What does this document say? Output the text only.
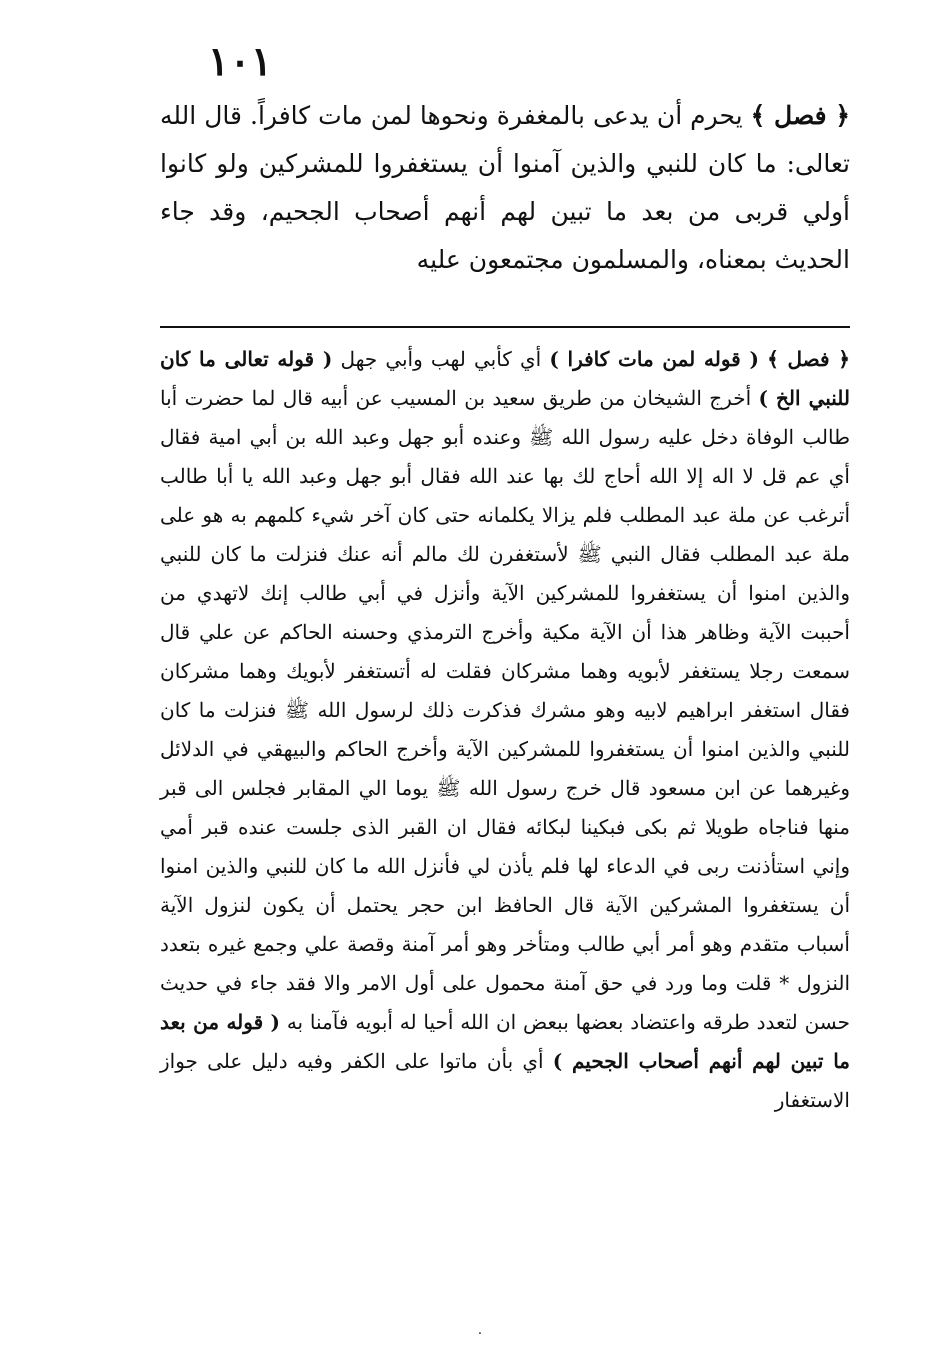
١٠١

﴿ فصل ﴾ يحرم أن يدعى بالمغفرة ونحوها لمن مات كافراً. قال الله تعالى: ما كان للنبي والذين آمنوا أن يستغفروا للمشركين ولو كانوا أولي قربى من بعد ما تبين لهم أنهم أصحاب الجحيم، وقد جاء الحديث بمعناه، والمسلمون مجتمعون عليه

﴿ فصل ﴾ ( قوله لمن مات كافرا ) أي كأبي لهب وأبي جهل ( قوله تعالى ما كان للنبي الخ ) أخرج الشيخان من طريق سعيد بن المسيب عن أبيه قال لما حضرت أبا طالب الوفاة دخل عليه رسول الله ﷺ وعنده أبو جهل وعبد الله بن أبي امية فقال أي عم قل لا اله إلا الله أحاج لك بها عند الله فقال أبو جهل وعبد الله يا أبا طالب أترغب عن ملة عبد المطلب فلم يزالا يكلمانه حتى كان آخر شيء كلمهم به هو على ملة عبد المطلب فقال النبي ﷺ لأستغفرن لك مالم أنه عنك فنزلت ما كان للنبي والذين امنوا أن يستغفروا للمشركين الآية وأنزل في أبي طالب إنك لاتهدي من أحببت الآية وظاهر هذا أن الآية مكية وأخرج الترمذي وحسنه الحاكم عن علي قال سمعت رجلا يستغفر لأبويه وهما مشركان فقلت له أتستغفر لأبويك وهما مشركان فقال استغفر ابراهيم لابيه وهو مشرك فذكرت ذلك لرسول الله ﷺ فنزلت ما كان للنبي والذين امنوا أن يستغفروا للمشركين الآية وأخرج الحاكم والبيهقي في الدلائل وغيرهما عن ابن مسعود قال خرج رسول الله ﷺ يوما الي المقابر فجلس الى قبر منها فناجاه طويلا ثم بكى فبكينا لبكائه فقال ان القبر الذى جلست عنده قبر أمي وإني استأذنت ربى في الدعاء لها فلم يأذن لي فأنزل الله ما كان للنبي والذين امنوا أن يستغفروا المشركين الآية قال الحافظ ابن حجر يحتمل أن يكون لنزول الآية أسباب متقدم وهو أمر أبي طالب ومتأخر وهو أمر آمنة وقصة علي وجمع غيره بتعدد النزول * قلت وما ورد في حق آمنة محمول على أول الامر والا فقد جاء في حديث حسن لتعدد طرقه واعتضاد بعضها ببعض ان الله أحيا له أبويه فآمنا به ( قوله من بعد ما تبين لهم أنهم أصحاب الجحيم ) أي بأن ماتوا على الكفر وفيه دليل على جواز الاستغفار

·
